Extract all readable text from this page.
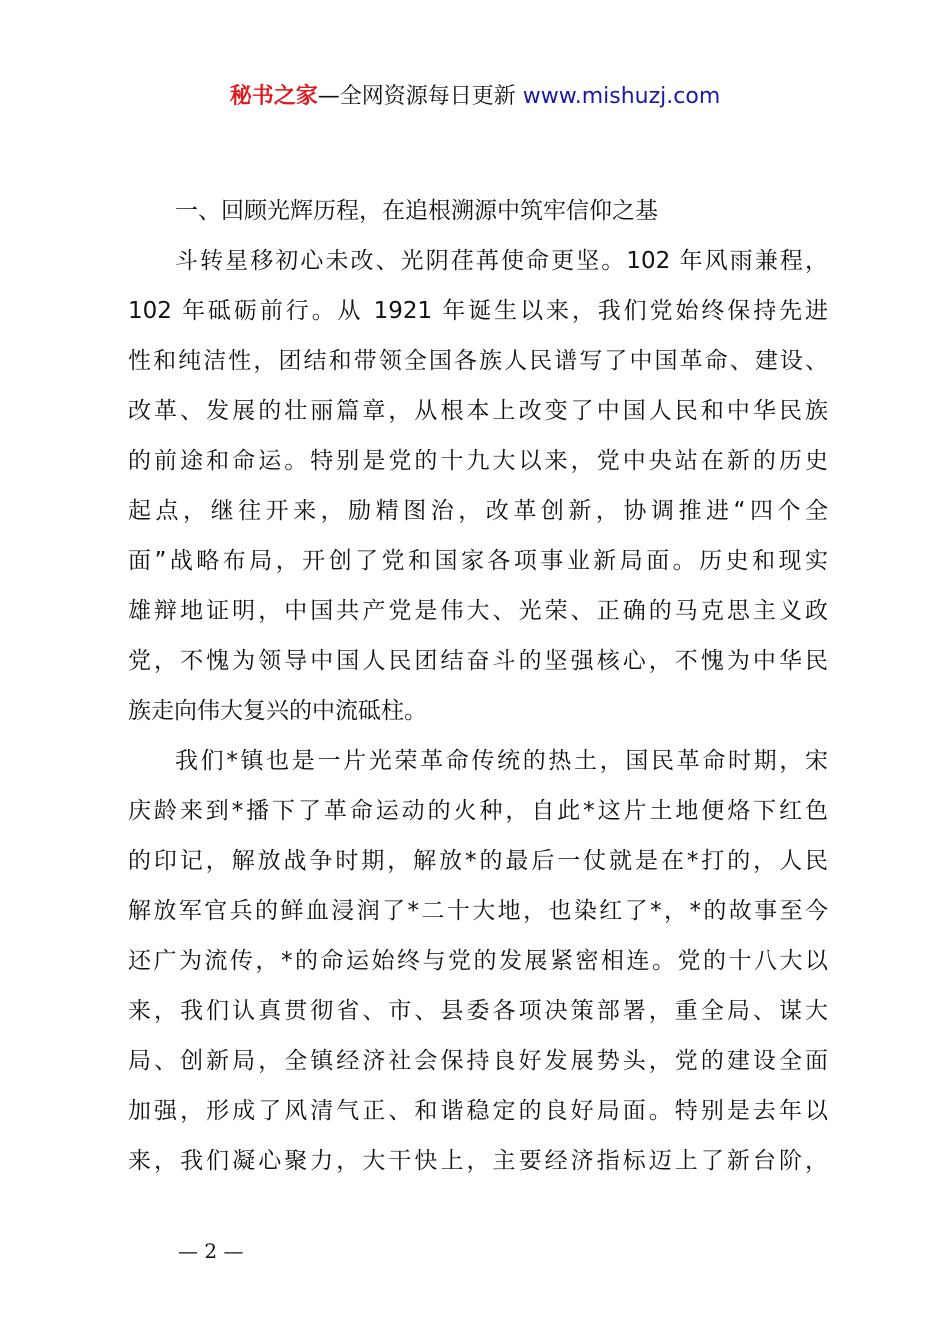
秘书之家—全网资源每日更新 www.mishuzj.com
一、回顾光辉历程，在追根溯源中筑牢信仰之基
斗转星移初心未改、光阴荏苒使命更坚。102 年风雨兼程，
102 年砥砺前行。从 1921 年诞生以来，我们党始终保持先进
性和纯洁性，团结和带领全国各族人民谱写了中国革命、建设、
改革、发展的壮丽篇章，从根本上改变了中国人民和中华民族
的前途和命运。特别是党的十九大以来，党中央站在新的历史
起点，继往开来，励精图治，改革创新，协调推进“四个全
面”战略布局，开创了党和国家各项事业新局面。历史和现实
雄辩地证明，中国共产党是伟大、光荣、正确的马克思主义政
党，不愧为领导中国人民团结奋斗的坚强核心，不愧为中华民
族走向伟大复兴的中流砥柱。
我们*镇也是一片光荣革命传统的热土，国民革命时期，宋
庆龄来到*播下了革命运动的火种，自此*这片土地便烙下红色
的印记，解放战争时期，解放*的最后一仗就是在*打的，人民
解放军官兵的鲜血浸润了*二十大地，也染红了*，*的故事至今
还广为流传，*的命运始终与党的发展紧密相连。党的十八大以
来，我们认真贯彻省、市、县委各项决策部署，重全局、谋大
局、创新局，全镇经济社会保持良好发展势头，党的建设全面
加强，形成了风清气正、和谐稳定的良好局面。特别是去年以
来，我们凝心聚力，大干快上，主要经济指标迈上了新台阶，
— 2 —
